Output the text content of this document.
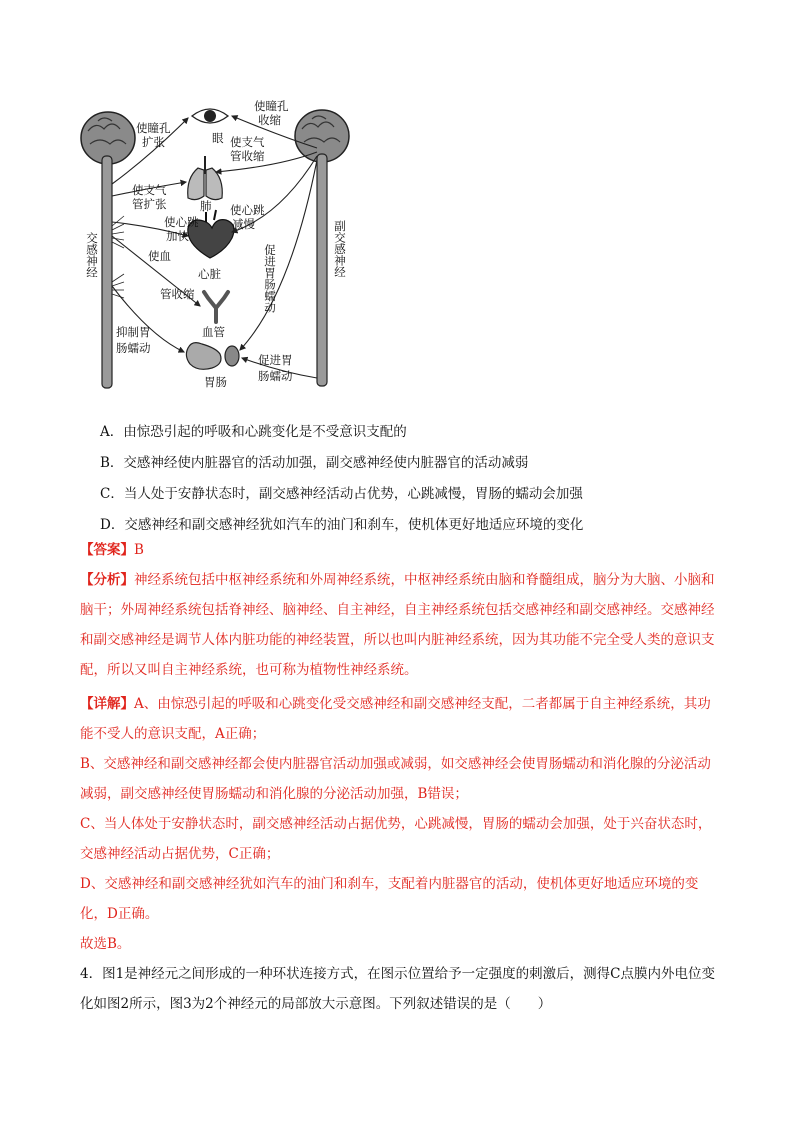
使瞳孔
扩张
使瞳孔
收缩
眼 使支气
管收缩
使支气
管扩张	肺 使心跳
减慢
使心跳
加快
心脏
使血
管收缩
血管
抑制胃
肠蠕动
胃肠
促进胃
肠蠕动
促进胃肠蠕动
交感神经	副交感神经
A．由惊恐引起的呼吸和心跳变化是不受意识支配的
B．交感神经使内脏器官的活动加强，副交感神经使内脏器官的活动减弱
C．当人处于安静状态时，副交感神经活动占优势，心跳减慢，胃肠的蠕动会加强
D．交感神经和副交感神经犹如汽车的油门和刹车，使机体更好地适应环境的变化
【答案】B
【分析】神经系统包括中枢神经系统和外周神经系统，中枢神经系统由脑和脊髓组成，脑分为大脑、小脑和脑干；外周神经系统包括脊神经、脑神经、自主神经，自主神经系统包括交感神经和副交感神经。交感神经和副交感神经是调节人体内脏功能的神经装置，所以也叫内脏神经系统，因为其功能不完全受人类的意识支配，所以又叫自主神经系统，也可称为植物性神经系统。
【详解】A、由惊恐引起的呼吸和心跳变化受交感神经和副交感神经支配，二者都属于自主神经系统，其功能不受人的意识支配，A正确；
B、交感神经和副交感神经都会使内脏器官活动加强或减弱，如交感神经会使胃肠蠕动和消化腺的分泌活动减弱，副交感神经使胃肠蠕动和消化腺的分泌活动加强，B错误；
C、当人体处于安静状态时，副交感神经活动占据优势，心跳减慢，胃肠的蠕动会加强，处于兴奋状态时，交感神经活动占据优势，C正确；
D、交感神经和副交感神经犹如汽车的油门和刹车，支配着内脏器官的活动，使机体更好地适应环境的变化，D正确。
故选B。
4．图1是神经元之间形成的一种环状连接方式，在图示位置给予一定强度的刺激后，测得C点膜内外电位变化如图2所示，图3为2个神经元的局部放大示意图。下列叙述错误的是（　　）
